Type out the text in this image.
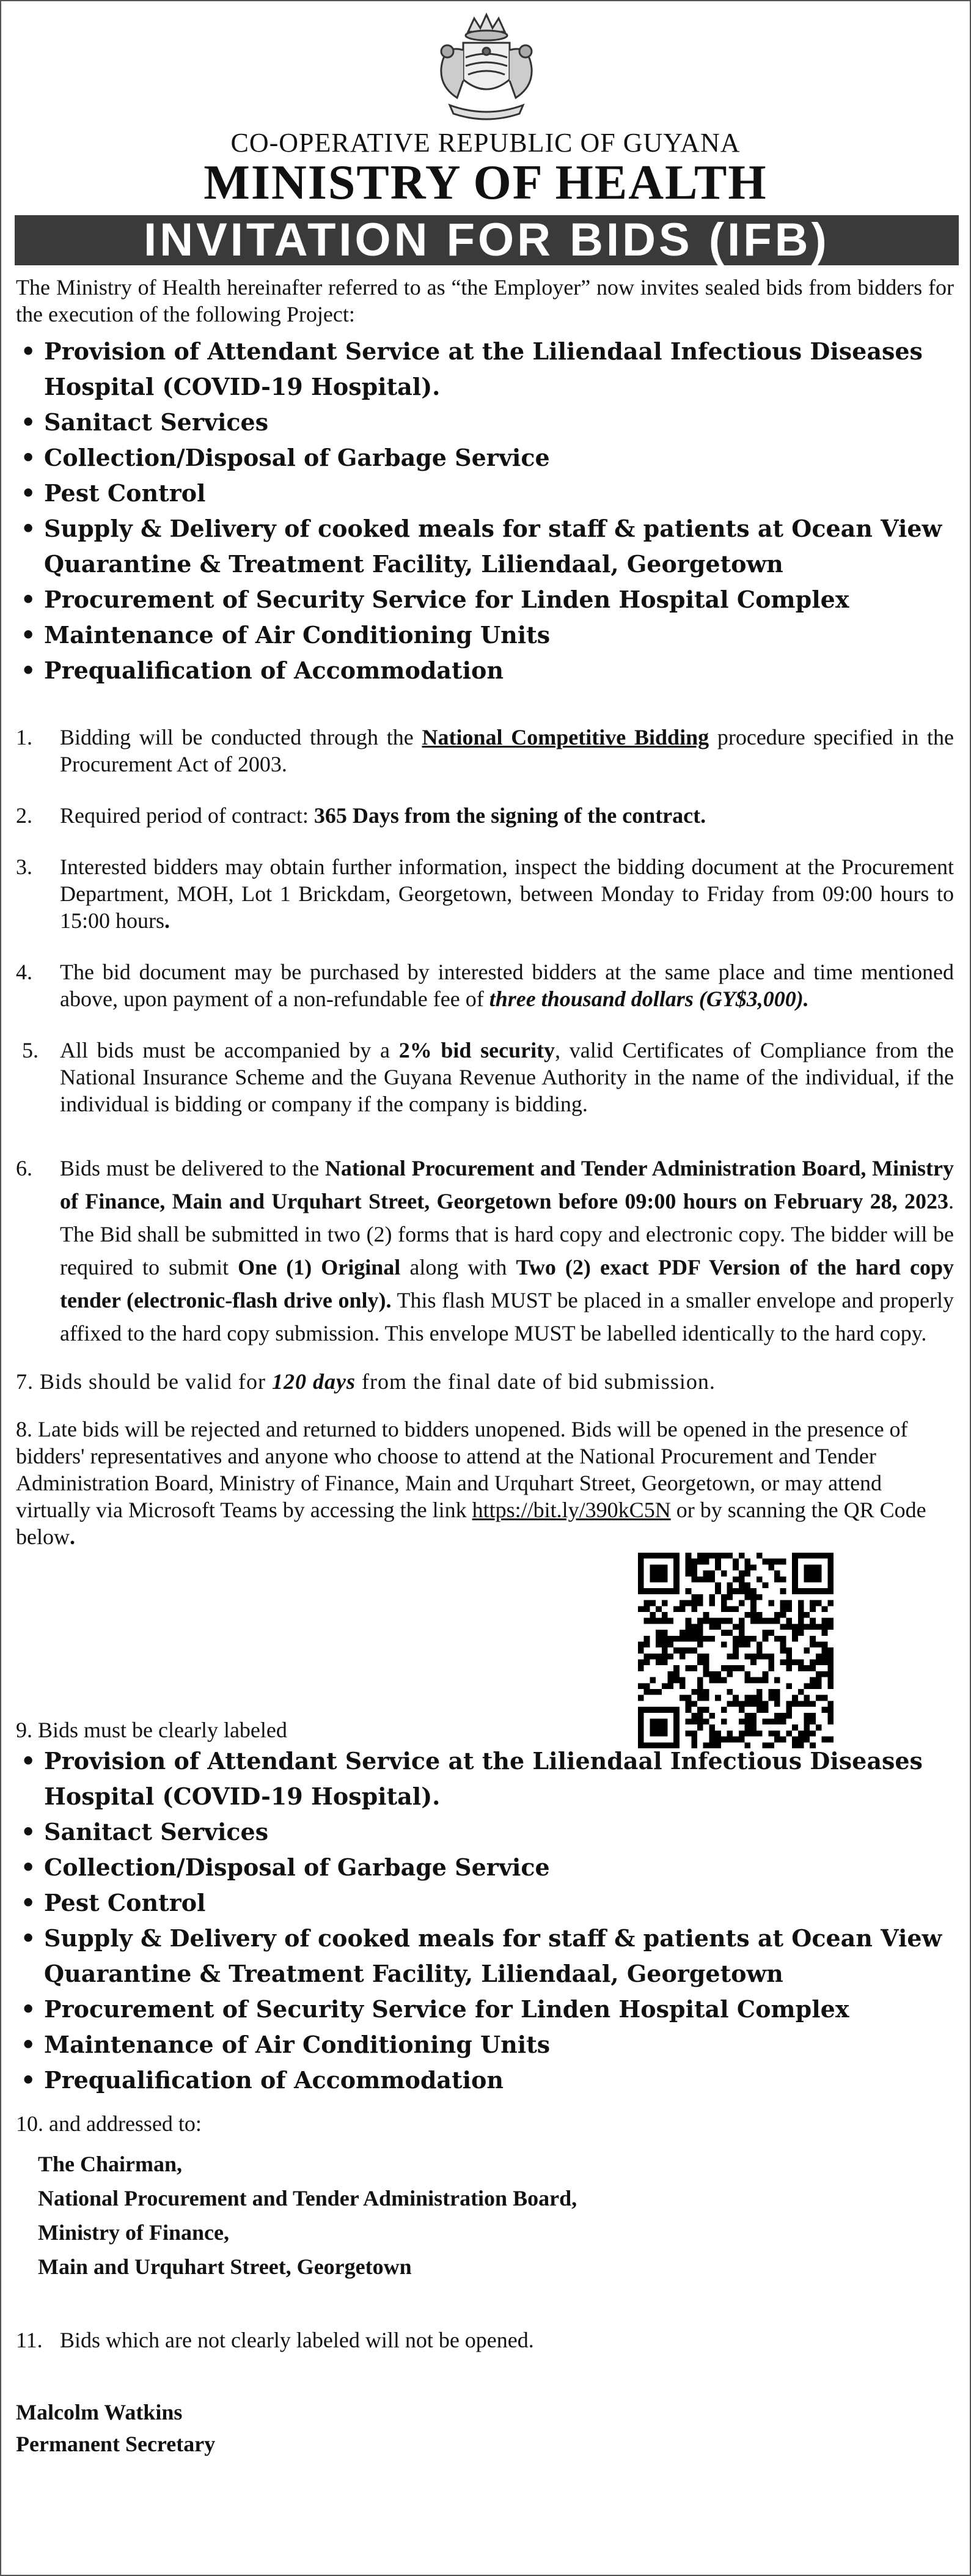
CO-OPERATIVE REPUBLIC OF GUYANA
MINISTRY OF HEALTH
INVITATION FOR BIDS (IFB)

The Ministry of Health hereinafter referred to as “the Employer” now invites sealed bids from bidders for the execution of the following Project:

• Provision of Attendant Service at the Liliendaal Infectious Diseases Hospital (COVID-19 Hospital).
• Sanitact Services
• Collection/Disposal of Garbage Service
• Pest Control
• Supply & Delivery of cooked meals for staff & patients at Ocean View Quarantine & Treatment Facility, Liliendaal, Georgetown
• Procurement of Security Service for Linden Hospital Complex
• Maintenance of Air Conditioning Units
• Prequalification of Accommodation
1.	Bidding will be conducted through the National Competitive Bidding procedure specified in the Procurement Act of 2003.
2.	Required period of contract: 365 Days from the signing of the contract.
3.	Interested bidders may obtain further information, inspect the bidding document at the Procurement Department, MOH, Lot 1 Brickdam, Georgetown, between Monday to Friday from 09:00 hours to 15:00 hours.
4.	The bid document may be purchased by interested bidders at the same place and time mentioned above, upon payment of a non-refundable fee of three thousand dollars (GY$3,000).
5. All bids must be accompanied by a 2% bid security, valid Certificates of Compliance from the National Insurance Scheme and the Guyana Revenue Authority in the name of the individual, if the individual is bidding or company if the company is bidding.
6.	Bids must be delivered to the National Procurement and Tender Administration Board, Ministry of Finance, Main and Urquhart Street, Georgetown before 09:00 hours on February 28, 2023. The Bid shall be submitted in two (2) forms that is hard copy and electronic copy. The bidder will be required to submit One (1) Original along with Two (2) exact PDF Version of the hard copy tender (electronic-flash drive only). This flash MUST be placed in a smaller envelope and properly affixed to the hard copy submission. This envelope MUST be labelled identically to the hard copy.

7. Bids should be valid for 120 days from the final date of bid submission.

8. Late bids will be rejected and returned to bidders unopened. Bids will be opened in the presence of bidders' representatives and anyone who choose to attend at the National Procurement and Tender Administration Board, Ministry of Finance, Main and Urquhart Street, Georgetown, or may attend virtually via Microsoft Teams by accessing the link https://bit.ly/390kC5N or by scanning the QR Code below.

9. Bids must be clearly labeled

• Provision of Attendant Service at the Liliendaal Infectious Diseases Hospital (COVID-19 Hospital).
• Sanitact Services
• Collection/Disposal of Garbage Service
• Pest Control
• Supply & Delivery of cooked meals for staff & patients at Ocean View Quarantine & Treatment Facility, Liliendaal, Georgetown
• Procurement of Security Service for Linden Hospital Complex
• Maintenance of Air Conditioning Units
• Prequalification of Accommodation

10. and addressed to:

The Chairman,
National Procurement and Tender Administration Board,
Ministry of Finance,
Main and Urquhart Street, Georgetown
11. Bids which are not clearly labeled will not be opened.
Malcolm Watkins
Permanent Secretary
